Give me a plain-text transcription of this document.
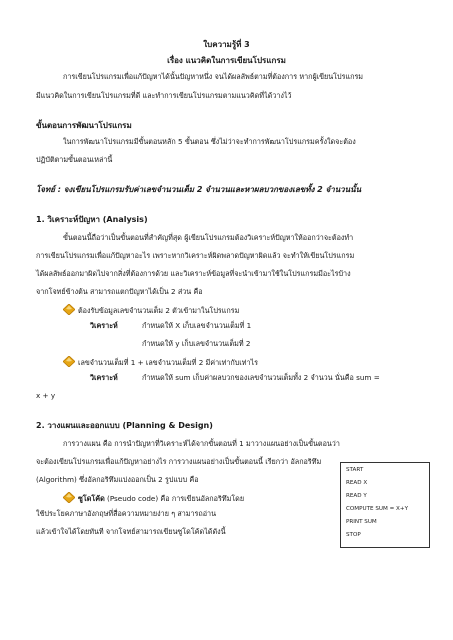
ใบความรู้ที่ 3
เรื่อง แนวคิดในการเขียนโปรแกรม
การเขียนโปรแกรมเพื่อแก้ปัญหาได้นั้นปัญหาหนึ่ง จนได้ผลลัพธ์ตามที่ต้องการ หากผู้เขียนโปรแกรม
มีแนวคิดในการเขียนโปรแกรมที่ดี และทำการเขียนโปรแกรมตามแนวคิดที่ได้วางไว้
ขั้นตอนการพัฒนาโปรแกรม
ในการพัฒนาโปรแกรมมีขั้นตอนหลัก 5 ขั้นตอน ซึ่งไม่ว่าจะทำการพัฒนาโปรแกรมครั้งใดจะต้อง
ปฏิบัติตามขั้นตอนเหล่านี้
โจทย์ : จงเขียนโปรแกรมรับค่าเลขจำนวนเต็ม 2 จำนวนและหาผลบวกของเลขทั้ง 2 จำนวนนั้น
1. วิเคราะห์ปัญหา (Analysis)
ขั้นตอนนี้ถือว่าเป็นขั้นตอนที่สำคัญที่สุด ผู้เขียนโปรแกรมต้องวิเคราะห์ปัญหาให้ออกว่าจะต้องทำ
การเขียนโปรแกรมเพื่อแก้ปัญหาอะไร เพราะหากวิเคราะห์ผิดพลาดปัญหาผิดแล้ว จะทำให้เขียนโปรแกรม
ได้ผลลัพธ์ออกมาผิดไปจากสิ่งที่ต้องการด้วย และวิเคราะห์ข้อมูลที่จะนำเข้ามาใช้ในโปรแกรมมีอะไรบ้าง
จากโจทย์ข้างต้น สามารถแตกปัญหาได้เป็น 2 ส่วน คือ
ต้องรับข้อมูลเลขจำนวนเต็ม 2 ตัวเข้ามาในโปรแกรม
วิเคราะห์	กำหนดให้ X เก็บเลขจำนวนเต็มที่ 1
กำหนดให้ y เก็บเลขจำนวนเต็มที่ 2
เลขจำนวนเต็มที่ 1 + เลขจำนวนเต็มที่ 2 มีค่าเท่ากับเท่าไร
วิเคราะห์	กำหนดให้ sum เก็บค่าผลบวกของเลขจำนวนเต็มทั้ง 2 จำนวน นั่นคือ sum =
x + y
2. วางแผนและออกแบบ (Planning & Design)
การวางแผน คือ การนำปัญหาที่วิเคราะห์ได้จากขั้นตอนที่ 1 มาวางแผนอย่างเป็นขั้นตอนว่า
จะต้องเขียนโปรแกรมเพื่อแก้ปัญหาอย่างไร การวางแผนอย่างเป็นขั้นตอนนี้ เรียกว่า อัลกอริทึม
(Algorithm) ซึ่งอัลกอริทึมแบ่งออกเป็น 2 รูปแบบ คือ
ซูโดโค้ด (Pseudo code) คือ การเขียนอัลกอริทึมโดย
ใช้ประโยคภาษาอังกฤษที่สื่อความหมายง่าย ๆ สามารถอ่าน
แล้วเข้าใจได้โดยทันที จากโจทย์สามารถเขียนซูโดโค้ดได้ดังนี้
START
READ X
READ Y
COMPUTE SUM = X+Y
PRINT SUM
STOP
